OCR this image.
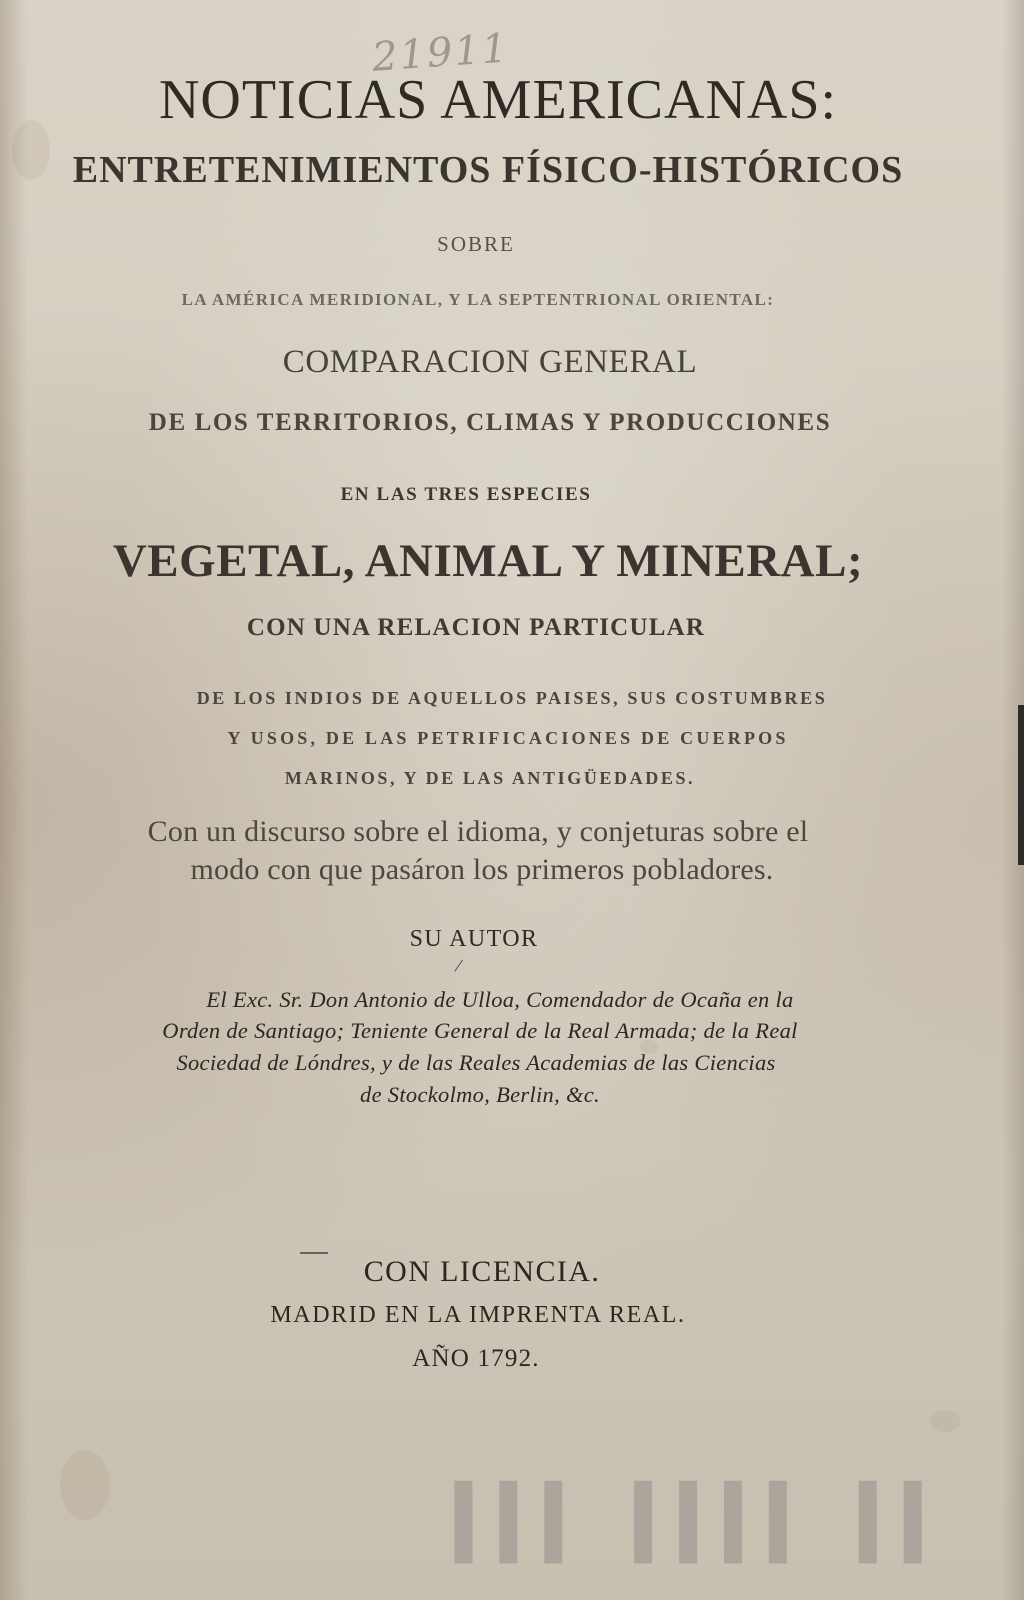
21911
NOTICIAS AMERICANAS:
ENTRETENIMIENTOS FÍSICO-HISTÓRICOS
SOBRE
LA AMÉRICA MERIDIONAL, Y LA SEPTENTRIONAL ORIENTAL:
COMPARACION GENERAL
DE LOS TERRITORIOS, CLIMAS Y PRODUCCIONES
EN LAS TRES ESPECIES
VEGETAL, ANIMAL Y MINERAL;
CON UNA RELACION PARTICULAR
DE LOS INDIOS DE AQUELLOS PAISES, SUS COSTUMBRES
Y USOS, DE LAS PETRIFICACIONES DE CUERPOS
MARINOS, Y DE LAS ANTIGÜEDADES.
Con un discurso sobre el idioma, y conjeturas sobre el
modo con que pasáron los primeros pobladores.
SU AUTOR
El Exc. Sr. Don Antonio de Ulloa, Comendador de Ocaña en la
Orden de Santiago; Teniente General de la Real Armada; de la Real
Sociedad de Lóndres, y de las Reales Academias de las Ciencias
de Stockolmo, Berlin, &c.
CON LICENCIA.
MADRID EN LA IMPRENTA REAL.
AÑO 1792.
▌▌▌ ▌▌▌▌ ▌▌
